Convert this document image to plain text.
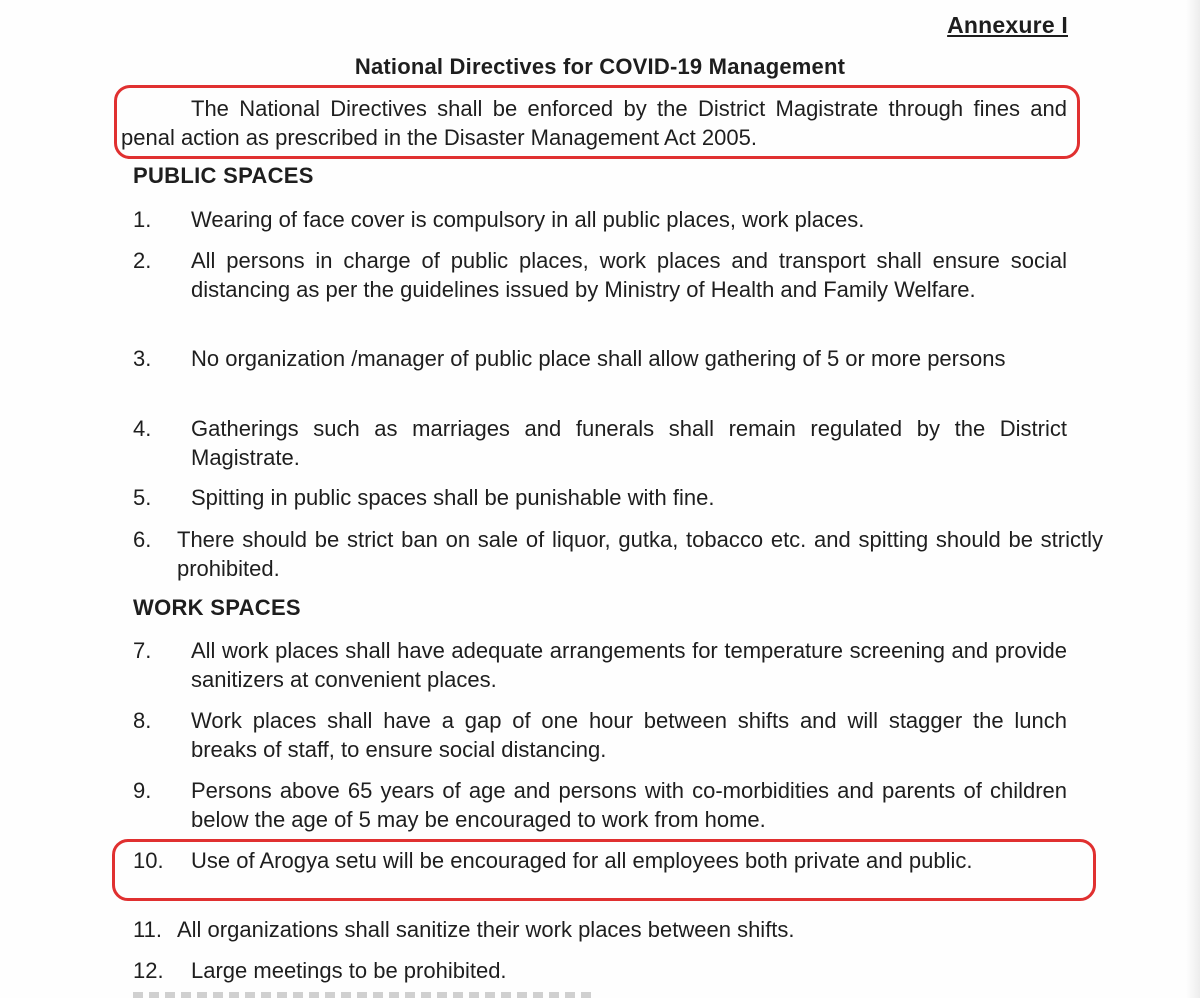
Annexure I
National Directives for COVID-19 Management
The National Directives shall be enforced by the District Magistrate through fines and penal action as prescribed in the Disaster Management Act 2005.
PUBLIC SPACES
1. Wearing of face cover is compulsory in all public places, work places.
2. All persons in charge of public places, work places and transport shall ensure social distancing as per the guidelines issued by Ministry of Health and Family Welfare.
3. No organization /manager of public place shall allow gathering of 5 or more persons
4. Gatherings such as marriages and funerals shall remain regulated by the District Magistrate.
5. Spitting in public spaces shall be punishable with fine.
6. There should be strict ban on sale of liquor, gutka, tobacco etc. and spitting should be strictly prohibited.
WORK SPACES
7. All work places shall have adequate arrangements for temperature screening and provide sanitizers at convenient places.
8. Work places shall have a gap of one hour between shifts and will stagger the lunch breaks of staff, to ensure social distancing.
9. Persons above 65 years of age and persons with co-morbidities and parents of children below the age of 5 may be encouraged to work from home.
10. Use of Arogya setu will be encouraged for all employees both private and public.
11. All organizations shall sanitize their work places between shifts.
12. Large meetings to be prohibited.
